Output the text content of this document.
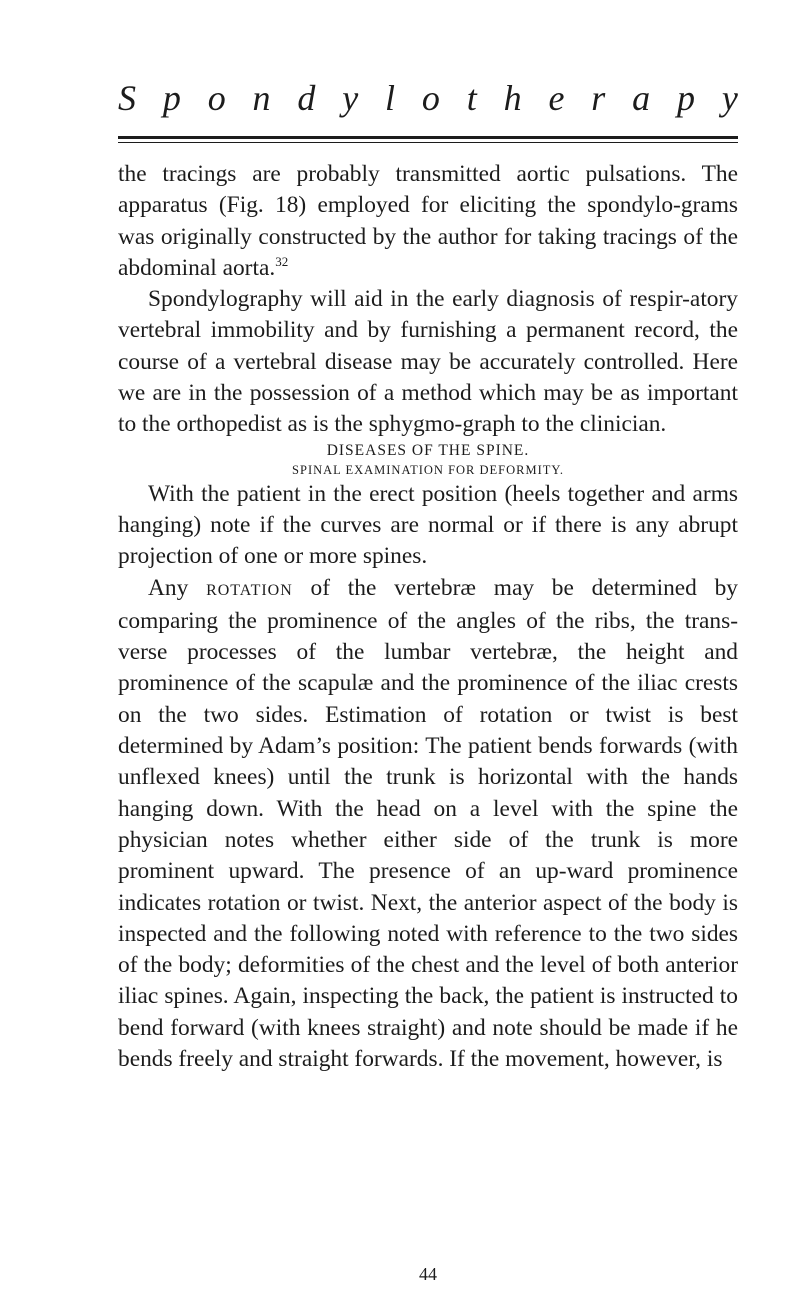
S p o n d y l o t h e r a p y

the tracings are probably transmitted aortic pulsations. The apparatus (Fig. 18) employed for eliciting the spondylo-grams was originally constructed by the author for taking tracings of the abdominal aorta.$^{32}$

Spondylography will aid in the early diagnosis of respir-atory vertebral immobility and by furnishing a permanent record, the course of a vertebral disease may be accurately controlled. Here we are in the possession of a method which may be as important to the orthopedist as is the sphygmo-graph to the clinician.

DISEASES OF THE SPINE.

SPINAL EXAMINATION FOR DEFORMITY.

With the patient in the erect position (heels together and arms hanging) note if the curves are normal or if there is any abrupt projection of one or more spines.

Any ROTATION of the vertebræ may be determined by comparing the prominence of the angles of the ribs, the trans-verse processes of the lumbar vertebræ, the height and prominence of the scapulæ and the prominence of the iliac crests on the two sides. Estimation of rotation or twist is best determined by Adam’s position: The patient bends forwards (with unflexed knees) until the trunk is horizontal with the hands hanging down. With the head on a level with the spine the physician notes whether either side of the trunk is more prominent upward. The presence of an up-ward prominence indicates rotation or twist. Next, the anterior aspect of the body is inspected and the following noted with reference to the two sides of the body; deformities of the chest and the level of both anterior iliac spines. Again, inspecting the back, the patient is instructed to bend forward (with knees straight) and note should be made if he bends freely and straight forwards. If the movement, however, is

44
